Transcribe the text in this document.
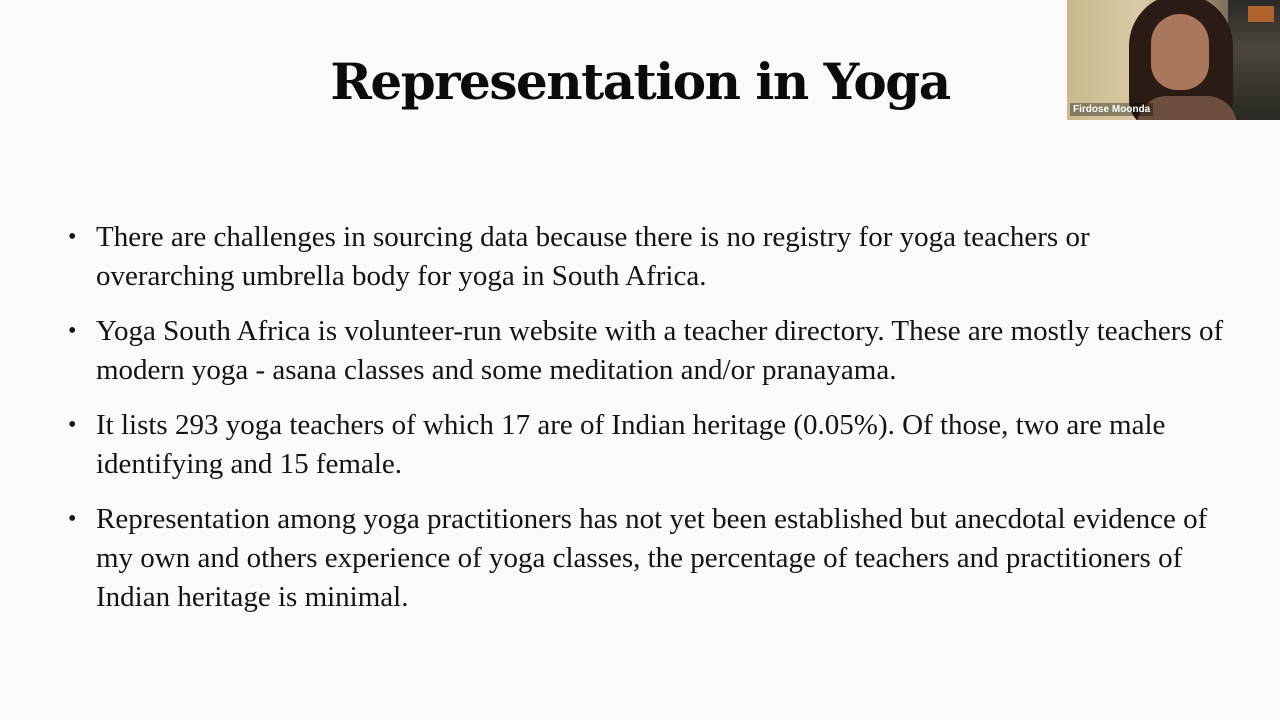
Representation in Yoga
• There are challenges in sourcing data because there is no registry for yoga teachers or overarching umbrella body for yoga in South Africa.
• Yoga South Africa is volunteer-run website with a teacher directory. These are mostly teachers of modern yoga - asana classes and some meditation and/or pranayama.
• It lists 293 yoga teachers of which 17 are of Indian heritage (0.05%). Of those, two are male identifying and 15 female.
• Representation among yoga practitioners has not yet been established but anecdotal evidence of my own and others experience of yoga classes, the percentage of teachers and practitioners of Indian heritage is minimal.
Firdose Moonda
